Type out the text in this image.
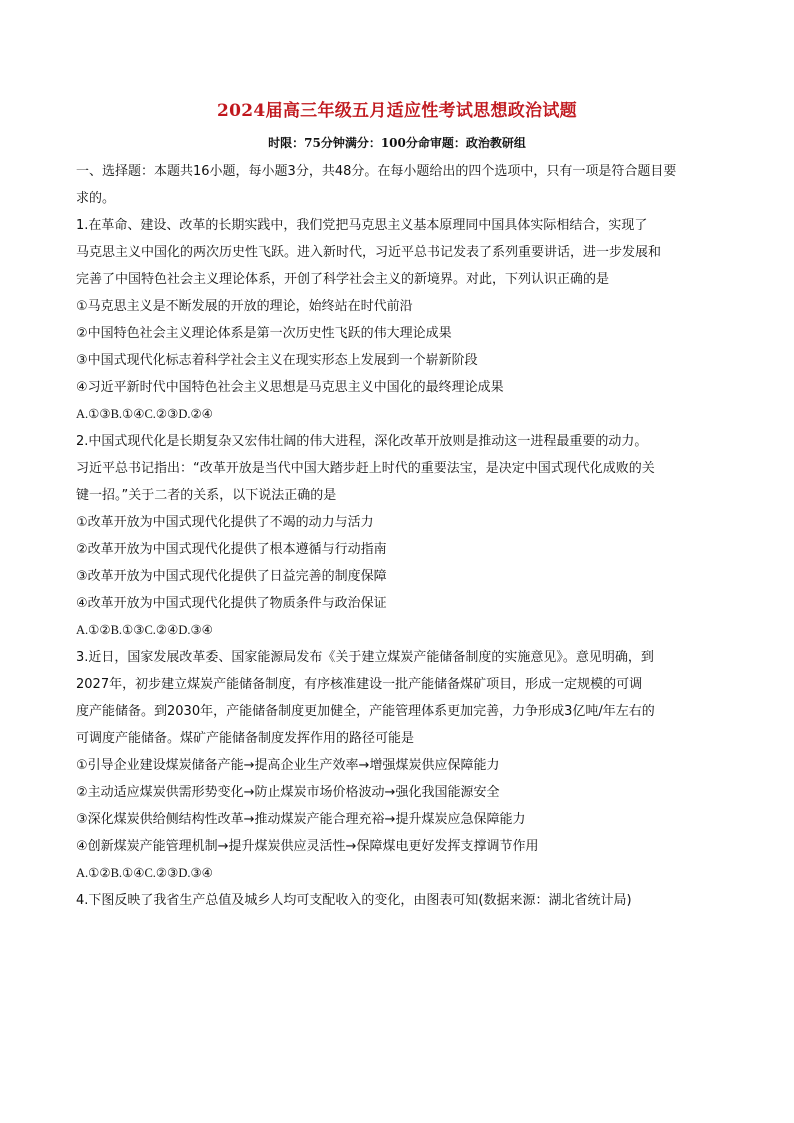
2024届高三年级五月适应性考试思想政治试题
时限：75分钟满分：100分命审题：政治教研组
一、选择题：本题共16小题，每小题3分，共48分。在每小题给出的四个选项中，只有一项是符合题目要
求的。
1.在革命、建设、改革的长期实践中，我们党把马克思主义基本原理同中国具体实际相结合，实现了
马克思主义中国化的两次历史性飞跃。进入新时代，习近平总书记发表了系列重要讲话，进一步发展和
完善了中国特色社会主义理论体系，开创了科学社会主义的新境界。对此，下列认识正确的是
①马克思主义是不断发展的开放的理论，始终站在时代前沿
②中国特色社会主义理论体系是第一次历史性飞跃的伟大理论成果
③中国式现代化标志着科学社会主义在现实形态上发展到一个崭新阶段
④习近平新时代中国特色社会主义思想是马克思主义中国化的最终理论成果
A.①③B.①④C.②③D.②④
2.中国式现代化是长期复杂又宏伟壮阔的伟大进程，深化改革开放则是推动这一进程最重要的动力。
习近平总书记指出：“改革开放是当代中国大踏步赶上时代的重要法宝，是决定中国式现代化成败的关
键一招。”关于二者的关系，以下说法正确的是
①改革开放为中国式现代化提供了不竭的动力与活力
②改革开放为中国式现代化提供了根本遵循与行动指南
③改革开放为中国式现代化提供了日益完善的制度保障
④改革开放为中国式现代化提供了物质条件与政治保证
A.①②B.①③C.②④D.③④
3.近日，国家发展改革委、国家能源局发布《关于建立煤炭产能储备制度的实施意见》。意见明确，到
2027年，初步建立煤炭产能储备制度，有序核准建设一批产能储备煤矿项目，形成一定规模的可调
度产能储备。到2030年，产能储备制度更加健全，产能管理体系更加完善，力争形成3亿吨/年左右的
可调度产能储备。煤矿产能储备制度发挥作用的路径可能是
①引导企业建设煤炭储备产能→提高企业生产效率→增强煤炭供应保障能力
②主动适应煤炭供需形势变化→防止煤炭市场价格波动→强化我国能源安全
③深化煤炭供给侧结构性改革→推动煤炭产能合理充裕→提升煤炭应急保障能力
④创新煤炭产能管理机制→提升煤炭供应灵活性→保障煤电更好发挥支撑调节作用
A.①②B.①④C.②③D.③④
4.下图反映了我省生产总值及城乡人均可支配收入的变化，由图表可知(数据来源：湖北省统计局)
